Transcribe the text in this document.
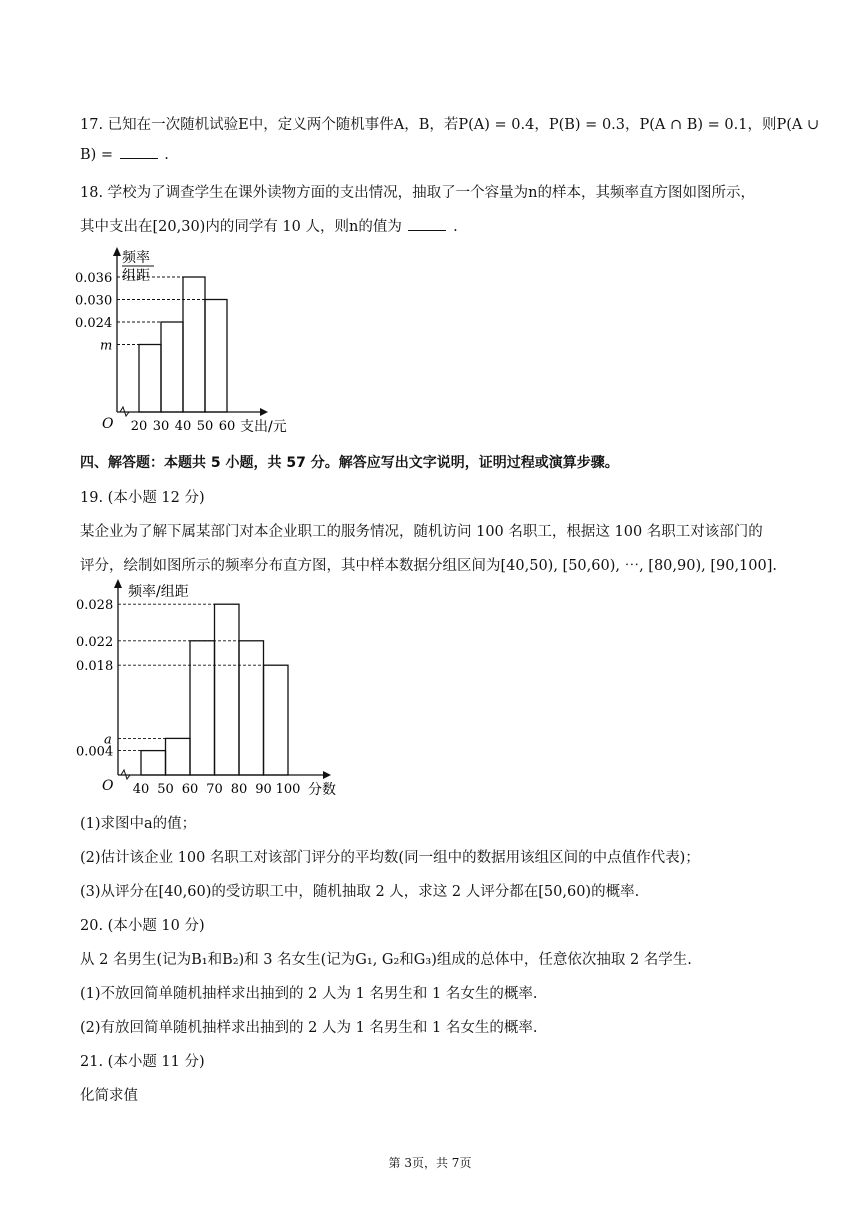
17. 已知在一次随机试验E中，定义两个随机事件A，B，若P(A) = 0.4，P(B) = 0.3，P(A ∩ B) = 0.1，则P(A ∪
B) =	.
18. 学校为了调查学生在课外读物方面的支出情况，抽取了一个容量为n的样本，其频率直方图如图所示，
其中支出在[20,30)内的同学有 10 人，则n的值为	.
频率
组距
0.036
0.030
0.024
m
20 30 40 50 60
O	支出/元
四、解答题：本题共 5 小题，共 57 分。解答应写出文字说明，证明过程或演算步骤。
19. (本小题 12 分)
某企业为了解下属某部门对本企业职工的服务情况，随机访问 100 名职工，根据这 100 名职工对该部门的
评分，绘制如图所示的频率分布直方图，其中样本数据分组区间为[40,50), [50,60), ⋯, [80,90), [90,100].
频率/组距
0.028
0.022
0.018
a
0.004
40 50 60 70 80 90 100
O	分数
(1)求图中a的值；
(2)估计该企业 100 名职工对该部门评分的平均数(同一组中的数据用该组区间的中点值作代表)；
(3)从评分在[40,60)的受访职工中，随机抽取 2 人，求这 2 人评分都在[50,60)的概率.
20. (本小题 10 分)
从 2 名男生(记为B₁和B₂)和 3 名女生(记为G₁, G₂和G₃)组成的总体中，任意依次抽取 2 名学生.
(1)不放回简单随机抽样求出抽到的 2 人为 1 名男生和 1 名女生的概率.
(2)有放回简单随机抽样求出抽到的 2 人为 1 名男生和 1 名女生的概率.
21. (本小题 11 分)
化简求值
第 3页，共 7页
